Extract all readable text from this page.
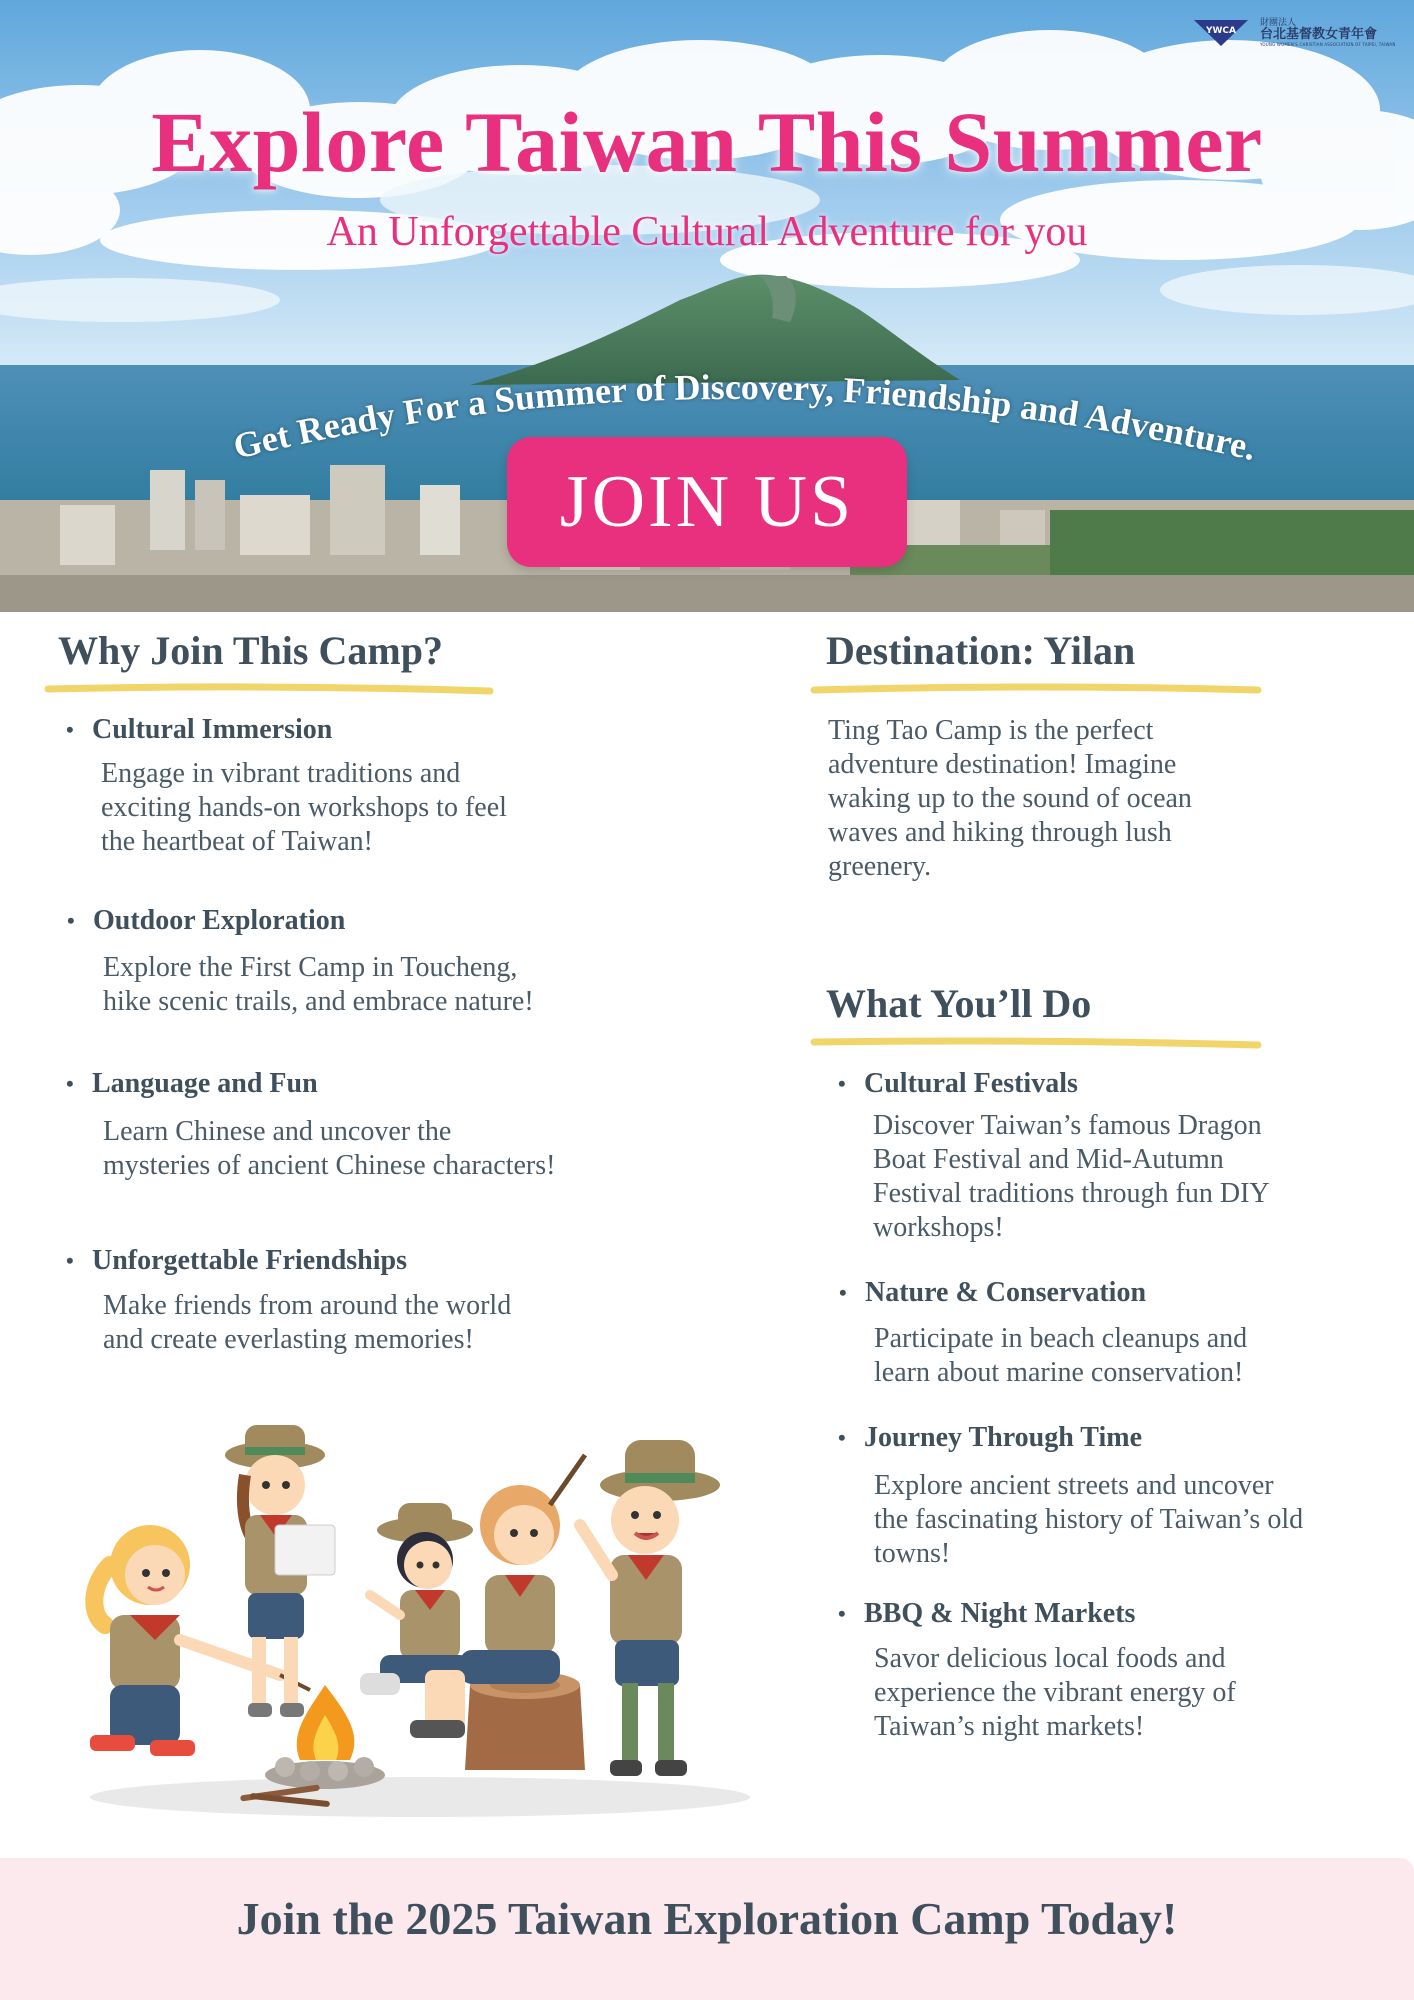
YWCA
財團法人
台北基督教女青年會
YOUNG WOMEN'S CHRISTIAN ASSOCIATION OF TAIPEI, TAIWAN
Explore Taiwan This Summer
An Unforgettable Cultural Adventure for you
Get Ready For a Summer of Discovery, Friendship and Adventure.
JOIN US
Why Join This Camp?
• Cultural Immersion
Engage in vibrant traditions and
exciting hands-on workshops to feel
the heartbeat of Taiwan!
• Outdoor Exploration
Explore the First Camp in Toucheng,
hike scenic trails, and embrace nature!
• Language and Fun
Learn Chinese and uncover the
mysteries of ancient Chinese characters!
• Unforgettable Friendships
Make friends from around the world
and create everlasting memories!
Destination: Yilan
Ting Tao Camp is the perfect
adventure destination! Imagine
waking up to the sound of ocean
waves and hiking through lush
greenery.
What You’ll Do
• Cultural Festivals
Discover Taiwan’s famous Dragon
Boat Festival and Mid-Autumn
Festival traditions through fun DIY
workshops!
• Nature & Conservation
Participate in beach cleanups and
learn about marine conservation!
• Journey Through Time
Explore ancient streets and uncover
the fascinating history of Taiwan’s old
towns!
• BBQ & Night Markets
Savor delicious local foods and
experience the vibrant energy of
Taiwan’s night markets!
Join the 2025 Taiwan Exploration Camp Today!
